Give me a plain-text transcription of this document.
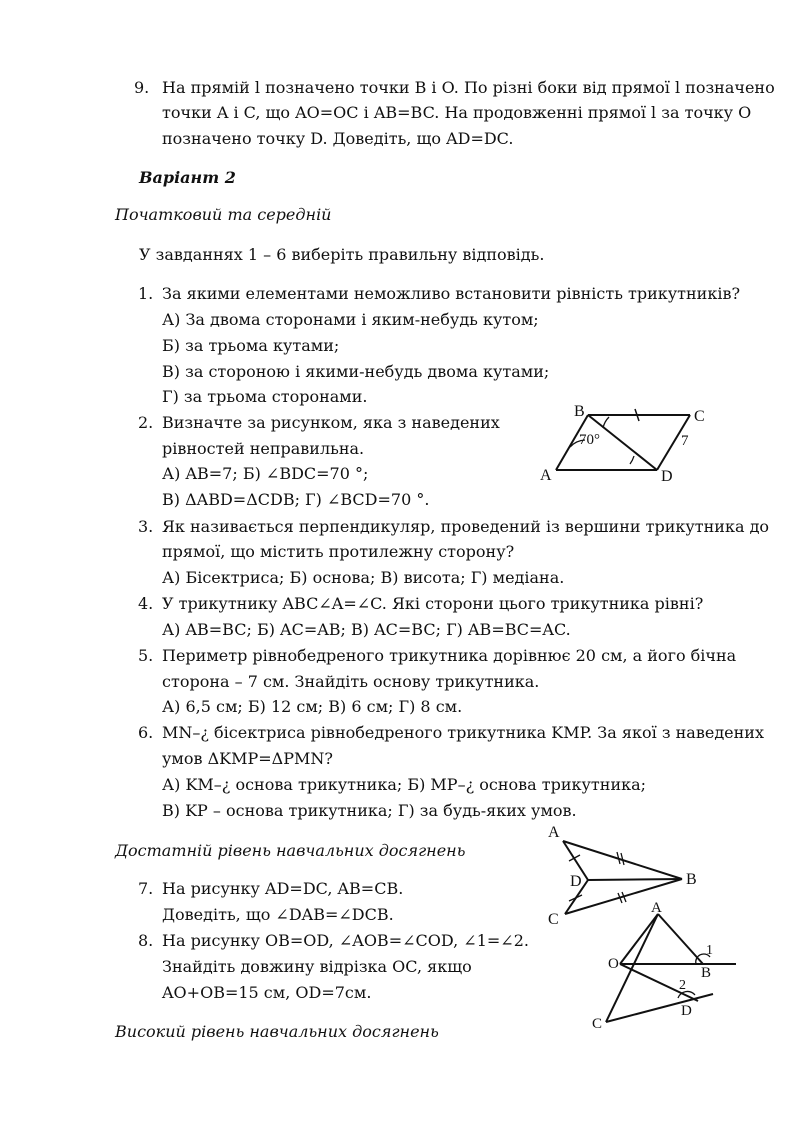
9. На прямій l позначено точки B і O. По різні боки від прямої l позначено
точки A і C, що AO=OC і AB=BC. На продовженні прямої l за точку O
позначено точку D. Доведіть, що AD=DC.
Варіант 2
Початковий та середній
У завданнях 1 – 6 виберіть правильну відповідь.
1. За якими елементами неможливо встановити рівність трикутників?
А) За двома сторонами і яким-небудь кутом;
Б) за трьома кутами;
В) за стороною і якими-небудь двома кутами;
Г) за трьома сторонами.
2. Визначте за рисунком, яка з наведених
рівностей неправильна.
А) AB=7; Б) ∠BDC=70 °;
В) ΔABD=ΔCDB; Г) ∠BCD=70 °.
B	C
A	D
70°	7
3. Як називається перпендикуляр, проведений із вершини трикутника до
прямої, що містить протилежну сторону?
А) Бісектриса; Б) основа; В) висота; Г) медіана.
4. У трикутнику ABC∠A=∠C. Які сторони цього трикутника рівні?
А) AB=BC; Б) AC=AB; В) AC=BC; Г) AB=BC=AC.
5. Периметр рівнобедреного трикутника дорівнює 20 см, а його бічна
сторона – 7 см. Знайдіть основу трикутника.
А) 6,5 см; Б) 12 см; В) 6 см; Г) 8 см.
6. MN–¿ бісектриса рівнобедреного трикутника KMP. За якої з наведених
умов ΔKMP=ΔPMN?
А) KM–¿ основа трикутника; Б) MP–¿ основа трикутника;
В) KP – основа трикутника; Г) за будь-яких умов.
Достатній рівень навчальних досягнень
A
D	B
C
7. На рисунку AD=DC, AB=CB.
Доведіть, що ∠DAB=∠DCB.
8. На рисунку OB=OD, ∠AOB=∠COD, ∠1=∠2.
Знайдіть довжину відрізка OC, якщо
AO+OB=15 см, OD=7см.
A
O
B
D
C
1
2
Високий рівень навчальних досягнень
